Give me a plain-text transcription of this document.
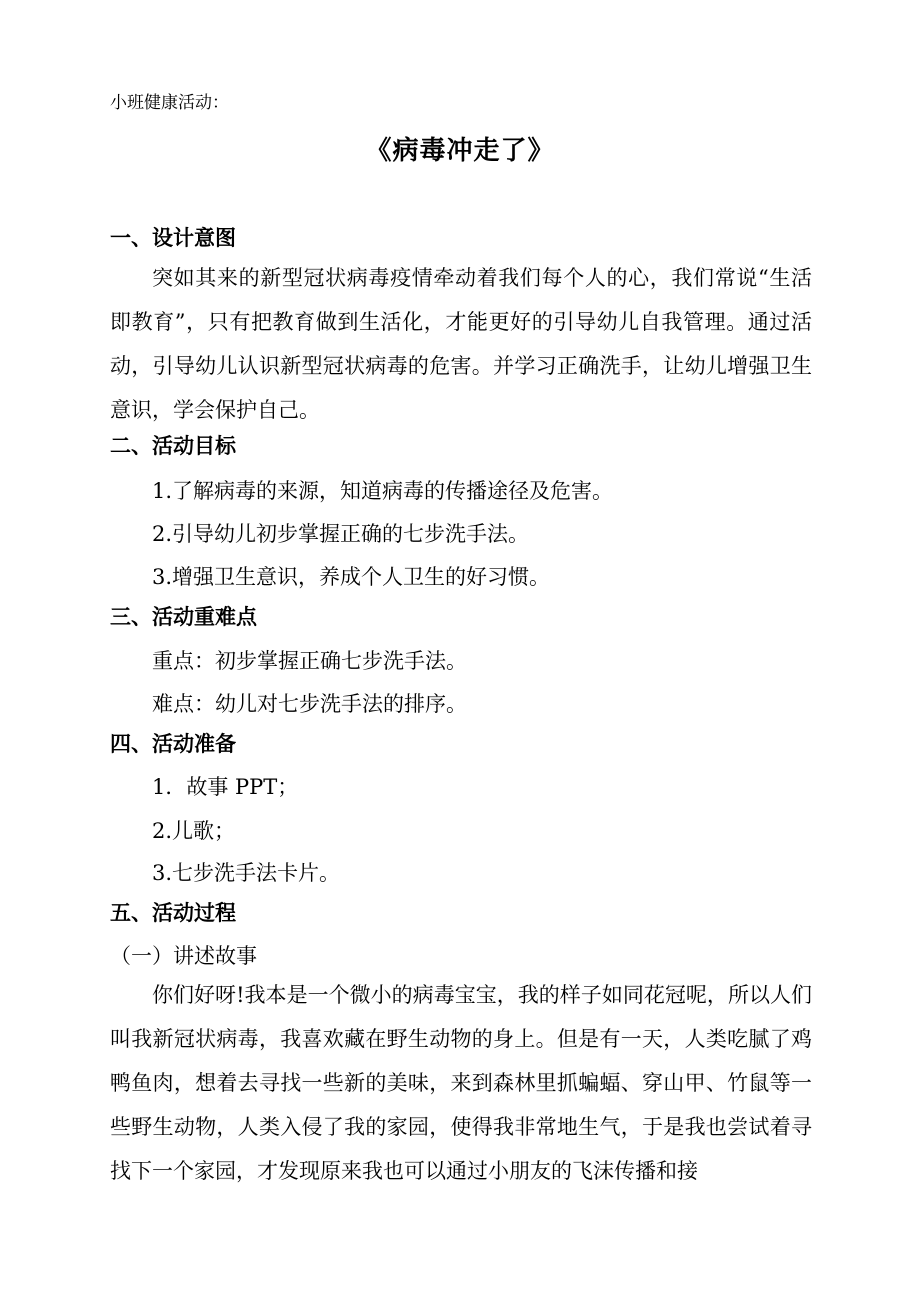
小班健康活动：
《病毒冲走了》
一、设计意图

突如其来的新型冠状病毒疫情牵动着我们每个人的心，我们常说“生活即教育”，只有把教育做到生活化，才能更好的引导幼儿自我管理。通过活动，引导幼儿认识新型冠状病毒的危害。并学习正确洗手，让幼儿增强卫生意识，学会保护自己。

二、活动目标
1.了解病毒的来源，知道病毒的传播途径及危害。
2.引导幼儿初步掌握正确的七步洗手法。
3.增强卫生意识，养成个人卫生的好习惯。
三、活动重难点
重点：初步掌握正确七步洗手法。
难点：幼儿对七步洗手法的排序。
四、活动准备
1．故事 PPT；
2.儿歌；
3.七步洗手法卡片。
五、活动过程
（一）讲述故事

你们好呀!我本是一个微小的病毒宝宝，我的样子如同花冠呢，所以人们叫我新冠状病毒，我喜欢藏在野生动物的身上。但是有一天，人类吃腻了鸡鸭鱼肉，想着去寻找一些新的美味，来到森林里抓蝙蝠、穿山甲、竹鼠等一些野生动物，人类入侵了我的家园，使得我非常地生气，于是我也尝试着寻找下一个家园，才发现原来我也可以通过小朋友的飞沫传播和接
